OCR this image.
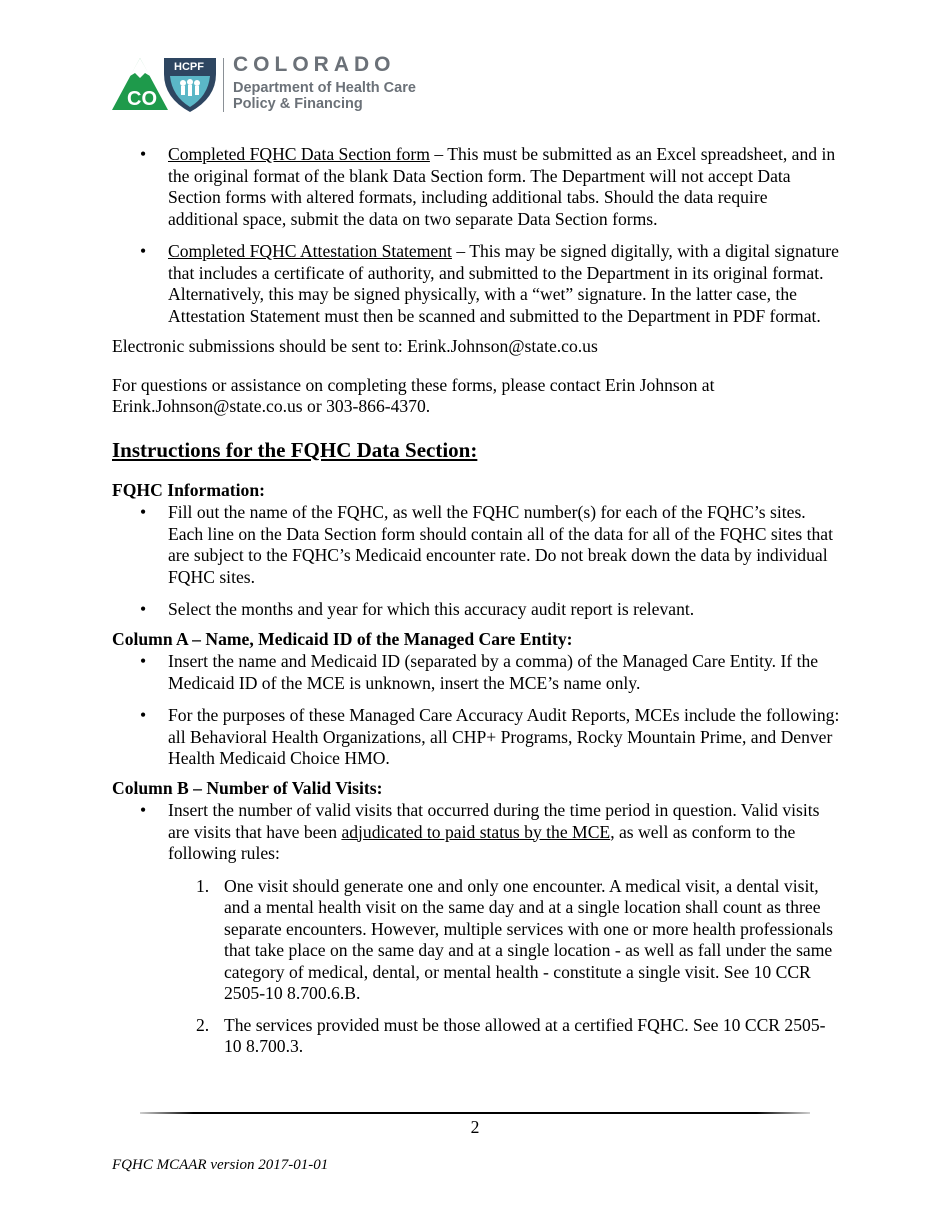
CO
HCPF COLORADO
Department of Health Care
Policy & Financing
• Completed FQHC Data Section form – This must be submitted as an Excel spreadsheet, and in the original format of the blank Data Section form. The Department will not accept Data Section forms with altered formats, including additional tabs. Should the data require additional space, submit the data on two separate Data Section forms.
• Completed FQHC Attestation Statement – This may be signed digitally, with a digital signature that includes a certificate of authority, and submitted to the Department in its original format. Alternatively, this may be signed physically, with a “wet” signature. In the latter case, the Attestation Statement must then be scanned and submitted to the Department in PDF format.

Electronic submissions should be sent to: Erink.Johnson@state.co.us

For questions or assistance on completing these forms, please contact Erin Johnson at Erink.Johnson@state.co.us or 303-866-4370.

Instructions for the FQHC Data Section:
FQHC Information:
• Fill out the name of the FQHC, as well the FQHC number(s) for each of the FQHC’s sites. Each line on the Data Section form should contain all of the data for all of the FQHC sites that are subject to the FQHC’s Medicaid encounter rate. Do not break down the data by individual FQHC sites.
• Select the months and year for which this accuracy audit report is relevant.
Column A – Name, Medicaid ID of the Managed Care Entity:
• Insert the name and Medicaid ID (separated by a comma) of the Managed Care Entity. If the Medicaid ID of the MCE is unknown, insert the MCE’s name only.
• For the purposes of these Managed Care Accuracy Audit Reports, MCEs include the following: all Behavioral Health Organizations, all CHP+ Programs, Rocky Mountain Prime, and Denver Health Medicaid Choice HMO.
Column B – Number of Valid Visits:
• Insert the number of valid visits that occurred during the time period in question. Valid visits are visits that have been adjudicated to paid status by the MCE, as well as conform to the following rules:
1. One visit should generate one and only one encounter. A medical visit, a dental visit, and a mental health visit on the same day and at a single location shall count as three separate encounters. However, multiple services with one or more health professionals that take place on the same day and at a single location - as well as fall under the same category of medical, dental, or mental health - constitute a single visit. See 10 CCR 2505-10 8.700.6.B.
2. The services provided must be those allowed at a certified FQHC. See 10 CCR 2505-10 8.700.3.
2
FQHC MCAAR version 2017-01-01
